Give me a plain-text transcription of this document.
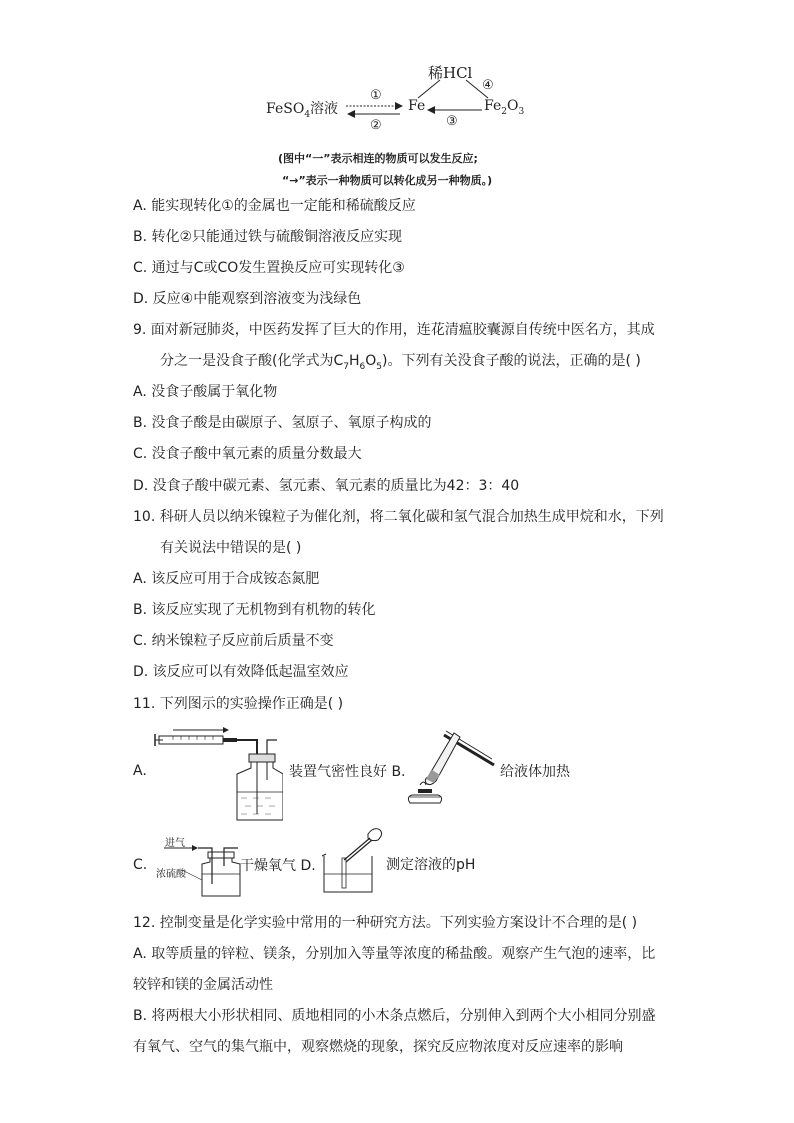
稀HCl
FeSO$_4$溶液	Fe	$Fe_2O_3$
①
②	③
④
(图中“一”表示相连的物质可以发生反应;
“→”表示一种物质可以转化成另一种物质。)
A. 能实现转化①的金属也一定能和稀硫酸反应
B. 转化②只能通过铁与硫酸铜溶液反应实现
C. 通过与C或CO发生置换反应可实现转化③
D. 反应④中能观察到溶液变为浅绿色
9. 面对新冠肺炎，中医药发挥了巨大的作用，连花清瘟胶囊源自传统中医名方，其成
分之一是没食子酸(化学式为$C_7H_6O_5$)。下列有关没食子酸的说法，正确的是( )
A. 没食子酸属于氧化物
B. 没食子酸是由碳原子、氢原子、氧原子构成的
C. 没食子酸中氧元素的质量分数最大
D. 没食子酸中碳元素、氢元素、氧元素的质量比为42：3：40
10. 科研人员以纳米镍粒子为催化剂，将二氧化碳和氢气混合加热生成甲烷和水，下列
有关说法中错误的是( )
A. 该反应可用于合成铵态氮肥
B. 该反应实现了无机物到有机物的转化
C. 纳米镍粒子反应前后质量不变
D. 该反应可以有效降低起温室效应
11. 下列图示的实验操作正确是( )
A.	装置气密性良好 B.	给液体加热
C.
进气
浓硫酸
干燥氧气 D.	测定溶液的pH
12. 控制变量是化学实验中常用的一种研究方法。下列实验方案设计不合理的是( )
A. 取等质量的锌粒、镁条，分别加入等量等浓度的稀盐酸。观察产生气泡的速率，比
较锌和镁的金属活动性
B. 将两根大小形状相同、质地相同的小木条点燃后，分别伸入到两个大小相同分别盛
有氧气、空气的集气瓶中，观察燃烧的现象，探究反应物浓度对反应速率的影响
